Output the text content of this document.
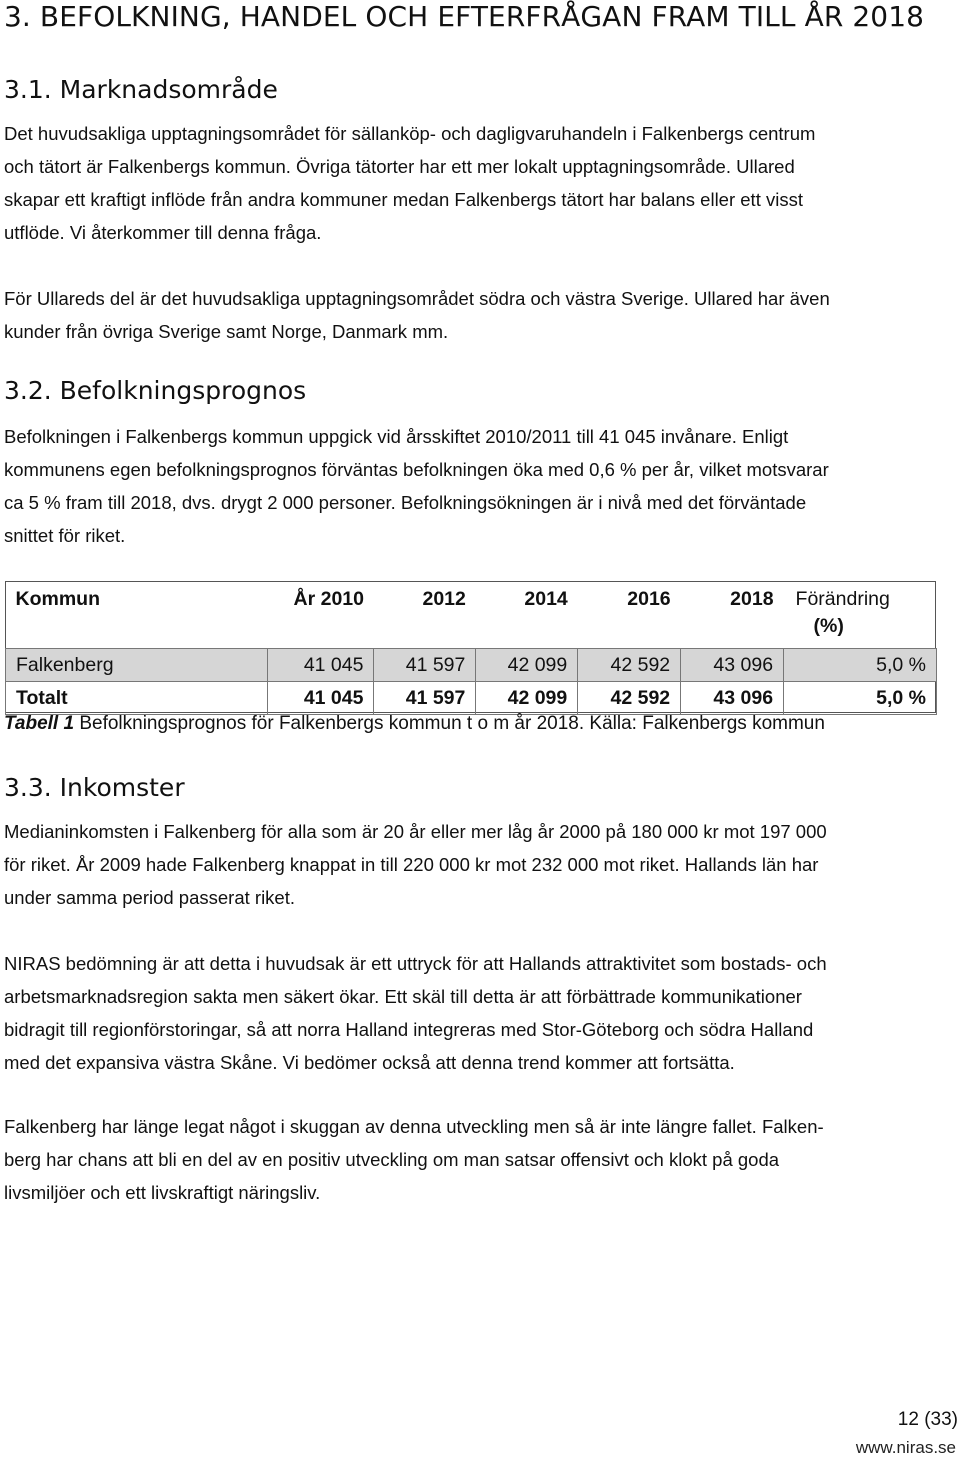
3. BEFOLKNING, HANDEL OCH EFTERFRÅGAN FRAM TILL ÅR 2018
3.1. Marknadsområde
Det huvudsakliga upptagningsområdet för sällanköp- och dagligvaruhandeln i Falkenbergs centrum
och tätort är Falkenbergs kommun. Övriga tätorter har ett mer lokalt upptagningsområde. Ullared
skapar ett kraftigt inflöde från andra kommuner medan Falkenbergs tätort har balans eller ett visst
utflöde. Vi återkommer till denna fråga.
För Ullareds del är det huvudsakliga upptagningsområdet södra och västra Sverige. Ullared har även
kunder från övriga Sverige samt Norge, Danmark mm.
3.2. Befolkningsprognos
Befolkningen i Falkenbergs kommun uppgick vid årsskiftet 2010/2011 till 41 045 invånare. Enligt
kommunens egen befolkningsprognos förväntas befolkningen öka med 0,6 % per år, vilket motsvarar
ca 5 % fram till 2018, dvs. drygt 2 000 personer. Befolkningsökningen är i nivå med det förväntade
snittet för riket.
Kommun	År 2010	2012	2014	2016	2018	Förändring
(%)
Falkenberg	41 045	41 597	42 099	42 592	43 096	5,0 %
Totalt	41 045	41 597	42 099	42 592	43 096	5,0 %
Tabell 1 Befolkningsprognos för Falkenbergs kommun t o m år 2018. Källa: Falkenbergs kommun
3.3. Inkomster
Medianinkomsten i Falkenberg för alla som är 20 år eller mer låg år 2000 på 180 000 kr mot 197 000
för riket. År 2009 hade Falkenberg knappat in till 220 000 kr mot 232 000 mot riket. Hallands län har
under samma period passerat riket.
NIRAS bedömning är att detta i huvudsak är ett uttryck för att Hallands attraktivitet som bostads- och
arbetsmarknadsregion sakta men säkert ökar. Ett skäl till detta är att förbättrade kommunikationer
bidragit till regionförstoringar, så att norra Halland integreras med Stor-Göteborg och södra Halland
med det expansiva västra Skåne. Vi bedömer också att denna trend kommer att fortsätta.
Falkenberg har länge legat något i skuggan av denna utveckling men så är inte längre fallet. Falken-
berg har chans att bli en del av en positiv utveckling om man satsar offensivt och klokt på goda
livsmiljöer och ett livskraftigt näringsliv.
12 (33)
www.niras.se
